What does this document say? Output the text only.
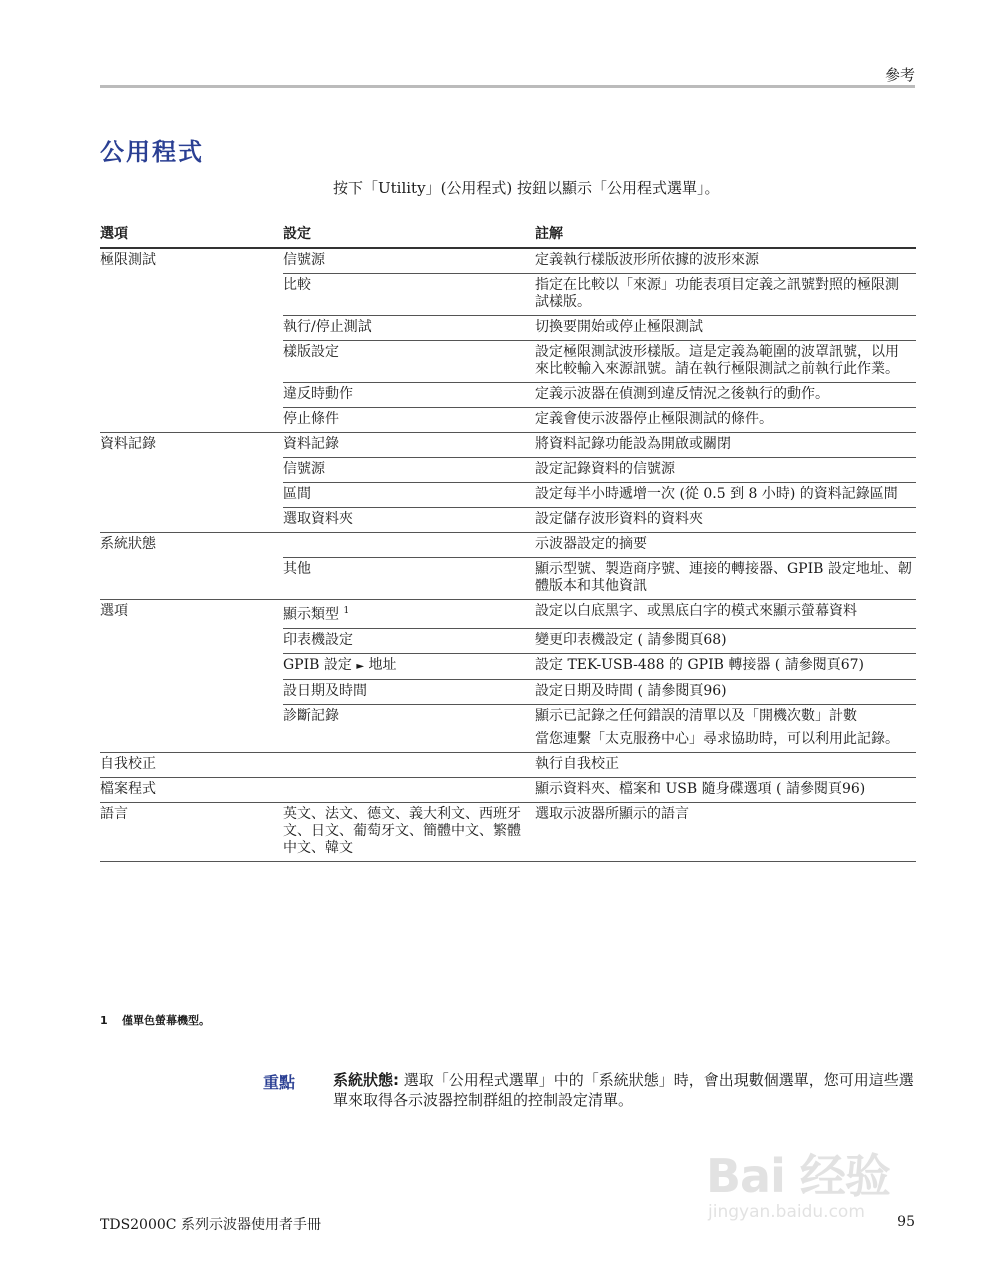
參考
公用程式
按下「Utility」(公用程式) 按鈕以顯示「公用程式選單」。
選項	設定	註解
極限測試	信號源	定義執行樣版波形所依據的波形來源

	比較	指定在比較以「來源」功能表項目定義之訊號對照的極限測試樣版。

	執行/停止測試	切換要開始或停止極限測試

	樣版設定	設定極限測試波形樣版。這是定義為範圍的波罩訊號，以用來比較輸入來源訊號。請在執行極限測試之前執行此作業。

	違反時動作	定義示波器在偵測到違反情況之後執行的動作。

	停止條件	定義會使示波器停止極限測試的條件。

資料記錄	資料記錄	將資料記錄功能設為開啟或關閉

	信號源	設定記錄資料的信號源

	區間	設定每半小時遞增一次 (從 0.5 到 8 小時) 的資料記錄區間

	選取資料夾	設定儲存波形資料的資料夾

系統狀態		示波器設定的摘要

	其他	顯示型號、製造商序號、連接的轉接器、GPIB 設定地址、韌體版本和其他資訊

選項	顯示類型 $^1$	設定以白底黑字、或黑底白字的模式來顯示螢幕資料

	印表機設定	變更印表機設定 ( 請參閱頁68)

	GPIB 設定 ► 地址	設定 TEK-USB-488 的 GPIB 轉接器 ( 請參閱頁67)

	設日期及時間	設定日期及時間 ( 請參閱頁96)

	診斷記錄	顯示已記錄之任何錯誤的清單以及「開機次數」計數
當您連繫「太克服務中心」尋求協助時，可以利用此記錄。

自我校正		執行自我校正

檔案程式		顯示資料夾、檔案和 USB 隨身碟選項 ( 請參閱頁96)

語言	英文、法文、德文、義大利文、西班牙文、日文、葡萄牙文、簡體中文、繁體中文、韓文	選取示波器所顯示的語言
1 僅單色螢幕機型。
重點	系統狀態: 選取「公用程式選單」中的「系統狀態」時，會出現數個選單，您可用這些選單來取得各示波器控制群組的控制設定清單。
TDS2000C 系列示波器使用者手冊	95
Bai 经验
jingyan.baidu.com
